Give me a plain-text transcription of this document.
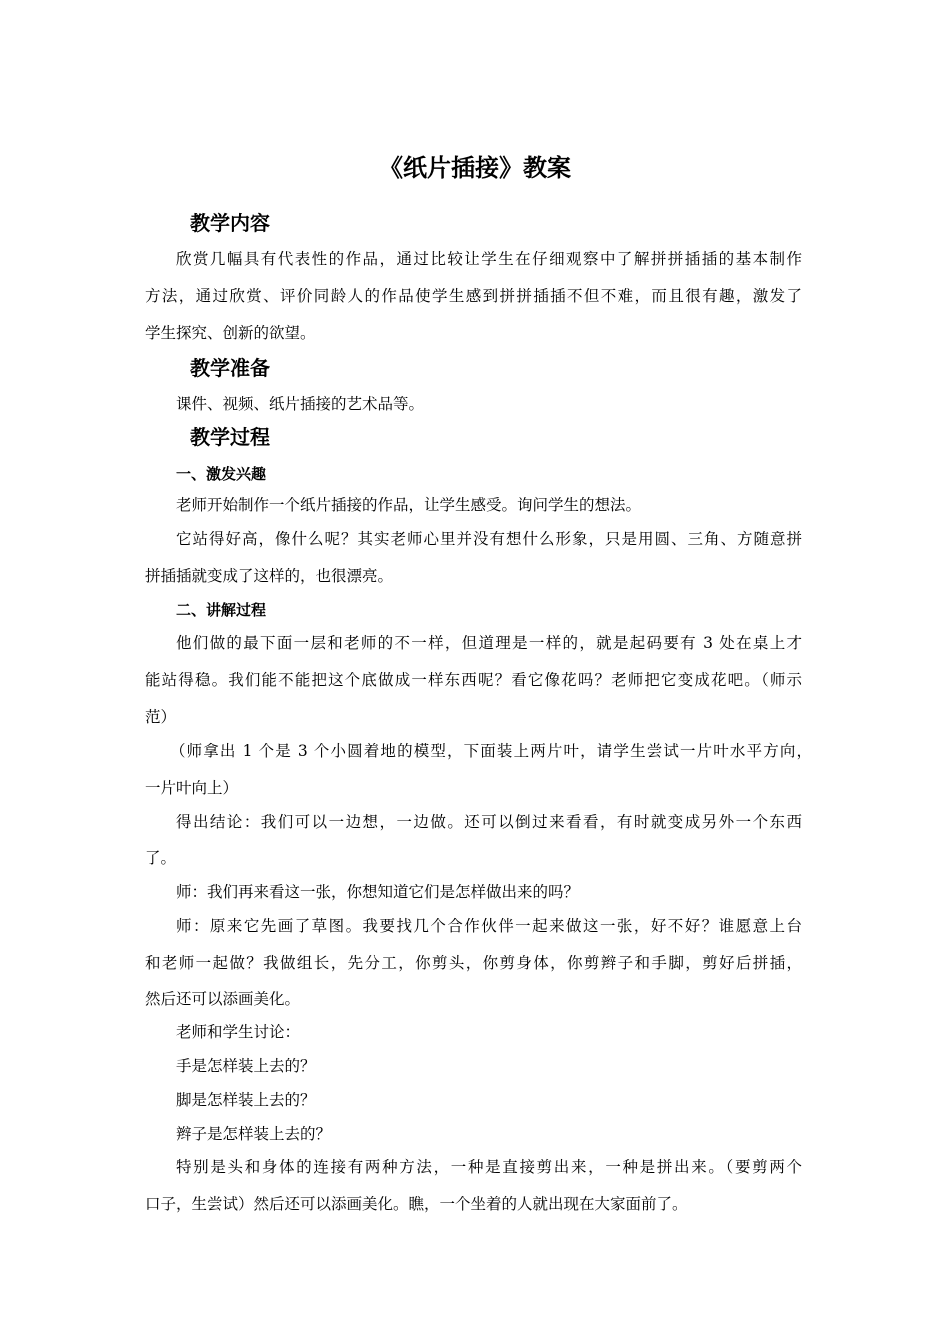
《纸片插接》教案
教学内容
欣赏几幅具有代表性的作品，通过比较让学生在仔细观察中了解拼拼插插的基本制作
方法，通过欣赏、评价同龄人的作品使学生感到拼拼插插不但不难，而且很有趣，激发了
学生探究、创新的欲望。
教学准备
课件、视频、纸片插接的艺术品等。
教学过程
一、激发兴趣
老师开始制作一个纸片插接的作品，让学生感受。询问学生的想法。
它站得好高，像什么呢？其实老师心里并没有想什么形象，只是用圆、三角、方随意拼
拼插插就变成了这样的，也很漂亮。
二、讲解过程
他们做的最下面一层和老师的不一样，但道理是一样的，就是起码要有 3 处在桌上才
能站得稳。我们能不能把这个底做成一样东西呢？看它像花吗？老师把它变成花吧。（师示
范）
（师拿出 1 个是 3 个小圆着地的模型，下面装上两片叶，请学生尝试一片叶水平方向，
一片叶向上）
得出结论：我们可以一边想，一边做。还可以倒过来看看，有时就变成另外一个东西
了。
师：我们再来看这一张，你想知道它们是怎样做出来的吗？
师：原来它先画了草图。我要找几个合作伙伴一起来做这一张，好不好？谁愿意上台
和老师一起做？我做组长，先分工，你剪头，你剪身体，你剪辫子和手脚，剪好后拼插，
然后还可以添画美化。
老师和学生讨论：
手是怎样装上去的？
脚是怎样装上去的？
辫子是怎样装上去的？
特别是头和身体的连接有两种方法，一种是直接剪出来，一种是拼出来。（要剪两个
口子，生尝试）然后还可以添画美化。瞧，一个坐着的人就出现在大家面前了。
